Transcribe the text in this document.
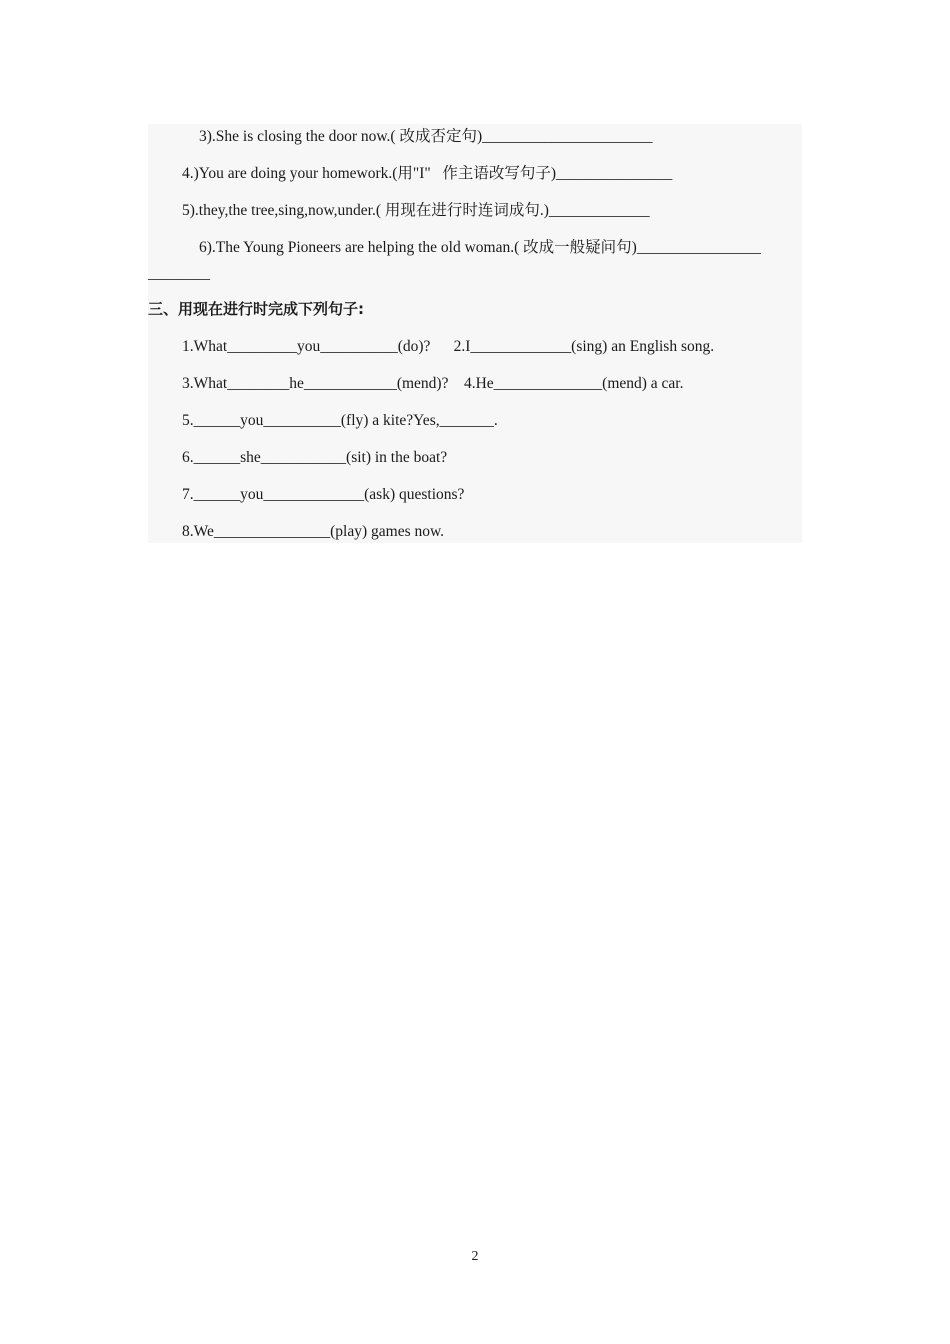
3).She is closing the door now.( 改成否定句)______________________
4.)You are doing your homework.(用"I"   作主语改写句子)_______________
5).they,the tree,sing,now,under.( 用现在进行时连词成句.)_____________
6).The Young Pioneers are helping the old woman.( 改成一般疑问句)________________
________
三、用现在进行时完成下列句子:
1.What_________you__________(do)?      2.I_____________(sing) an English song.
3.What________he____________(mend)?    4.He______________(mend) a car.
5.______you__________(fly) a kite?Yes,_______.
6.______she___________(sit) in the boat?
7.______you_____________(ask) questions?
8.We_______________(play) games now.
2
